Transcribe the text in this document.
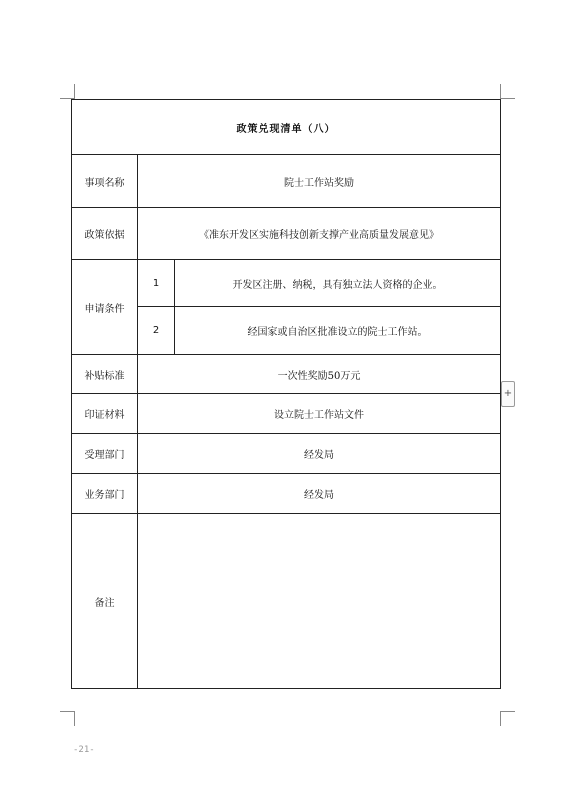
政策兑现清单（八）		
事项名称	院士工作站奖励	
政策依据	《准东开发区实施科技创新支撑产业高质量发展意见》	
申请条件	1	开发区注册、纳税，具有独立法人资格的企业。
	2	经国家或自治区批准设立的院士工作站。
补贴标准	一次性奖励50万元	
印证材料	设立院士工作站文件	
受理部门	经发局	
业务部门	经发局	
备注		
+
-21-
